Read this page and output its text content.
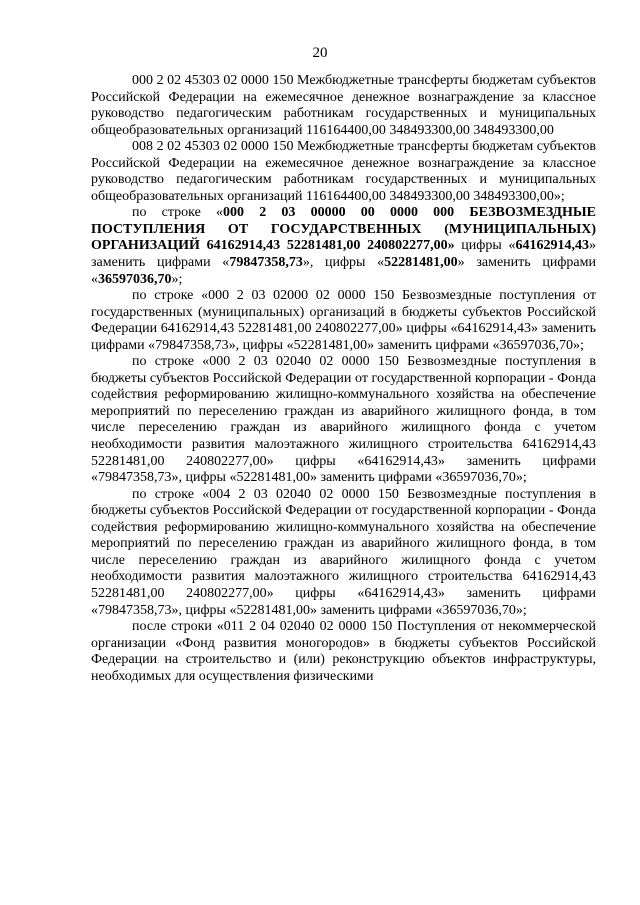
20

000 2 02 45303 02 0000 150 Межбюджетные трансферты бюджетам субъектов Российской Федерации на ежемесячное денежное вознаграждение за классное руководство педагогическим работникам государственных и муниципальных общеобразовательных организаций 116164400,00 348493300,00 348493300,00

008 2 02 45303 02 0000 150 Межбюджетные трансферты бюджетам субъектов Российской Федерации на ежемесячное денежное вознаграждение за классное руководство педагогическим работникам государственных и муниципальных общеобразовательных организаций 116164400,00 348493300,00 348493300,00»;

по строке «000 2 03 00000 00 0000 000 БЕЗВОЗМЕЗДНЫЕ ПОСТУПЛЕНИЯ ОТ ГОСУДАРСТВЕННЫХ (МУНИЦИПАЛЬНЫХ) ОРГАНИЗАЦИЙ 64162914,43 52281481,00 240802277,00» цифры «64162914,43» заменить цифрами «79847358,73», цифры «52281481,00» заменить цифрами «36597036,70»;

по строке «000 2 03 02000 02 0000 150 Безвозмездные поступления от государственных (муниципальных) организаций в бюджеты субъектов Российской Федерации 64162914,43 52281481,00 240802277,00» цифры «64162914,43» заменить цифрами «79847358,73», цифры «52281481,00» заменить цифрами «36597036,70»;

по строке «000 2 03 02040 02 0000 150 Безвозмездные поступления в бюджеты субъектов Российской Федерации от государственной корпорации - Фонда содействия реформированию жилищно-коммунального хозяйства на обеспечение мероприятий по переселению граждан из аварийного жилищного фонда, в том числе переселению граждан из аварийного жилищного фонда с учетом необходимости развития малоэтажного жилищного строительства 64162914,43 52281481,00 240802277,00» цифры «64162914,43» заменить цифрами «79847358,73», цифры «52281481,00» заменить цифрами «36597036,70»;

по строке «004 2 03 02040 02 0000 150 Безвозмездные поступления в бюджеты субъектов Российской Федерации от государственной корпорации - Фонда содействия реформированию жилищно-коммунального хозяйства на обеспечение мероприятий по переселению граждан из аварийного жилищного фонда, в том числе переселению граждан из аварийного жилищного фонда с учетом необходимости развития малоэтажного жилищного строительства 64162914,43 52281481,00 240802277,00» цифры «64162914,43» заменить цифрами «79847358,73», цифры «52281481,00» заменить цифрами «36597036,70»;

после строки «011 2 04 02040 02 0000 150 Поступления от некоммерческой организации «Фонд развития моногородов» в бюджеты субъектов Российской Федерации на строительство и (или) реконструкцию объектов инфраструктуры, необходимых для осуществления физическими
